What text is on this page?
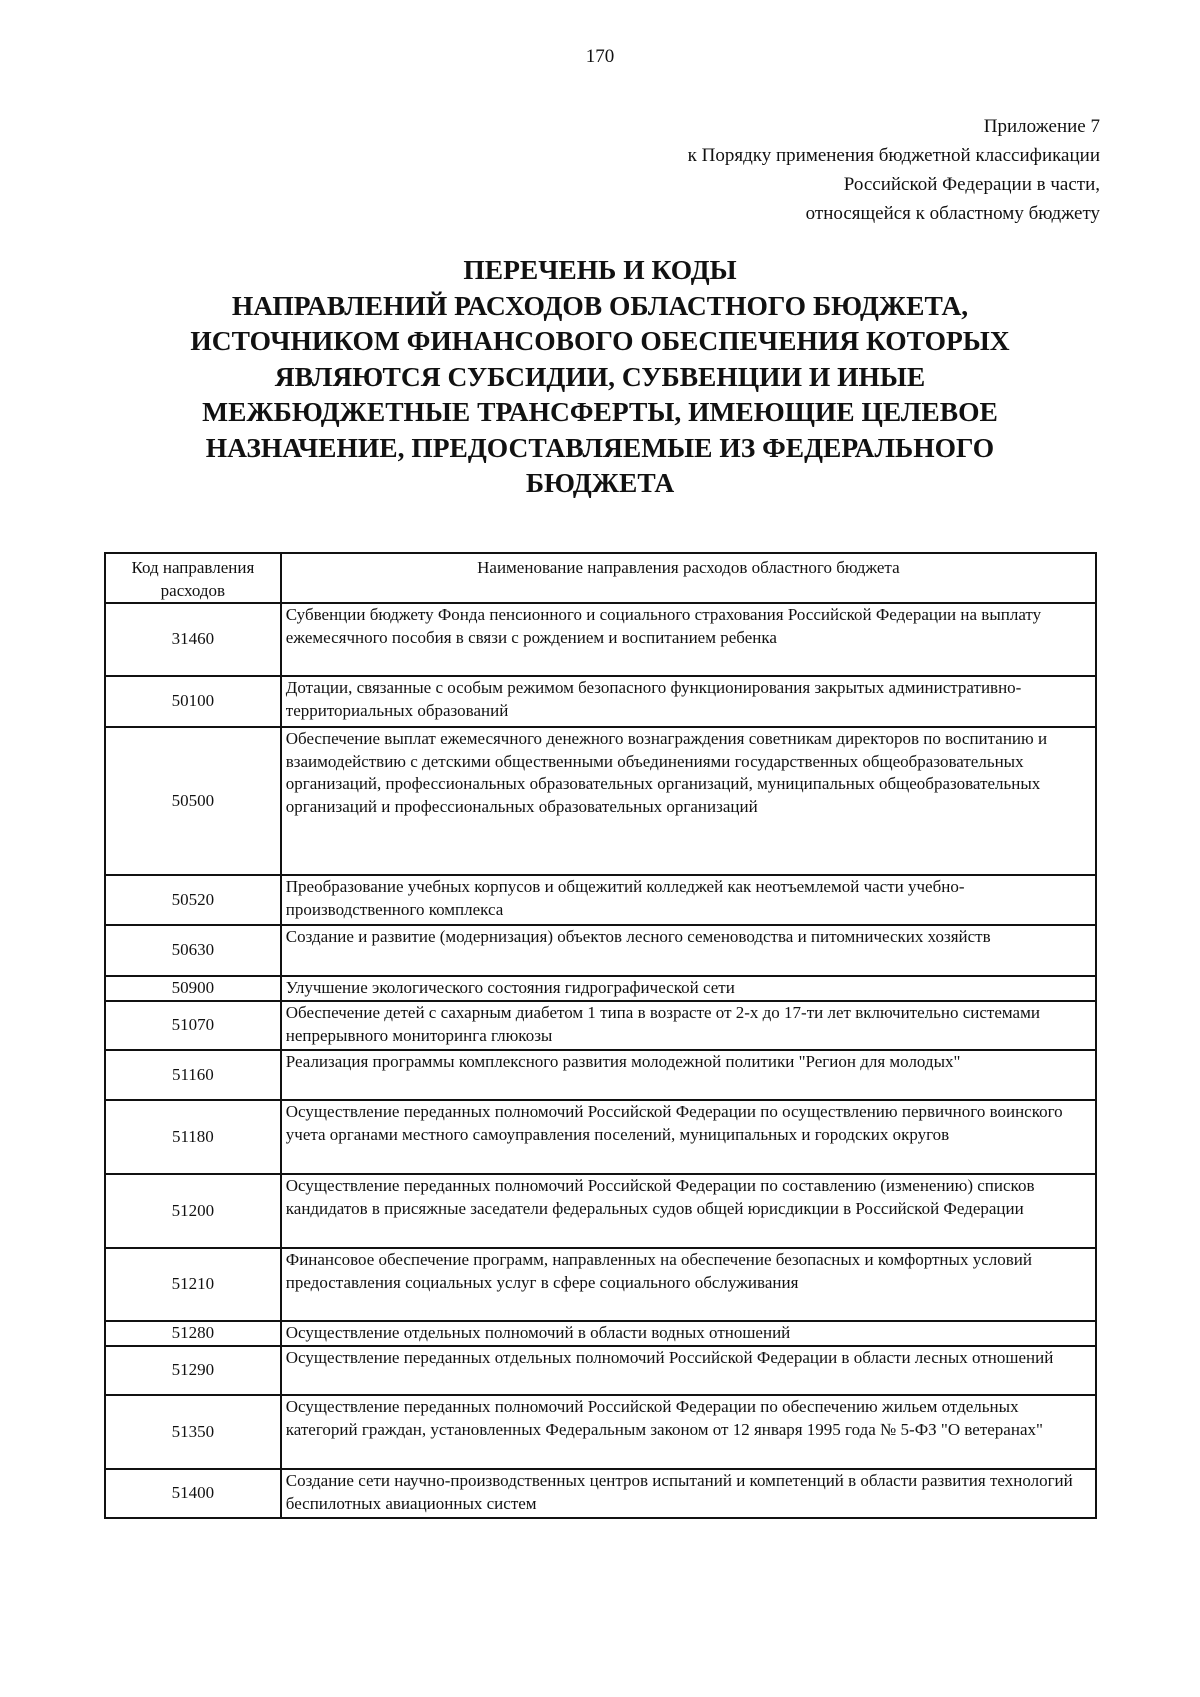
170
Приложение 7
к Порядку применения бюджетной классификации
Российской Федерации в части,
относящейся к областному бюджету
ПЕРЕЧЕНЬ И КОДЫ
НАПРАВЛЕНИЙ РАСХОДОВ ОБЛАСТНОГО БЮДЖЕТА,
ИСТОЧНИКОМ ФИНАНСОВОГО ОБЕСПЕЧЕНИЯ КОТОРЫХ
ЯВЛЯЮТСЯ СУБСИДИИ, СУБВЕНЦИИ И ИНЫЕ
МЕЖБЮДЖЕТНЫЕ ТРАНСФЕРТЫ, ИМЕЮЩИЕ ЦЕЛЕВОЕ
НАЗНАЧЕНИЕ, ПРЕДОСТАВЛЯЕМЫЕ ИЗ ФЕДЕРАЛЬНОГО
БЮДЖЕТА
Код направления расходов	Наименование направления расходов областного бюджета
31460	Субвенции бюджету Фонда пенсионного и социального страхования Российской Федерации на выплату ежемесячного пособия в связи с рождением и воспитанием ребенка
50100	Дотации, связанные с особым режимом безопасного функционирования закрытых административно-территориальных образований
50500	Обеспечение выплат ежемесячного денежного вознаграждения советникам директоров по воспитанию и взаимодействию с детскими общественными объединениями государственных общеобразовательных организаций, профессиональных образовательных организаций, муниципальных общеобразовательных организаций и профессиональных образовательных организаций
50520	Преобразование учебных корпусов и общежитий колледжей как неотъемлемой части учебно-производственного комплекса
50630	Создание и развитие (модернизация) объектов лесного семеноводства и питомнических хозяйств
50900	Улучшение экологического состояния гидрографической сети
51070	Обеспечение детей с сахарным диабетом 1 типа в возрасте от 2-х до 17-ти лет включительно системами непрерывного мониторинга глюкозы
51160	Реализация программы комплексного развития молодежной политики "Регион для молодых"
51180	Осуществление переданных полномочий Российской Федерации по осуществлению первичного воинского учета органами местного самоуправления поселений, муниципальных и городских округов
51200	Осуществление переданных полномочий Российской Федерации по составлению (изменению) списков кандидатов в присяжные заседатели федеральных судов общей юрисдикции в Российской Федерации
51210	Финансовое обеспечение программ, направленных на обеспечение безопасных и комфортных условий предоставления социальных услуг в сфере социального обслуживания
51280	Осуществление отдельных полномочий в области водных отношений
51290	Осуществление переданных отдельных полномочий Российской Федерации в области лесных отношений
51350	Осуществление переданных полномочий Российской Федерации по обеспечению жильем отдельных категорий граждан, установленных Федеральным законом от 12 января 1995 года № 5-ФЗ "О ветеранах"
51400	Создание сети научно-производственных центров испытаний и компетенций в области развития технологий беспилотных авиационных систем
